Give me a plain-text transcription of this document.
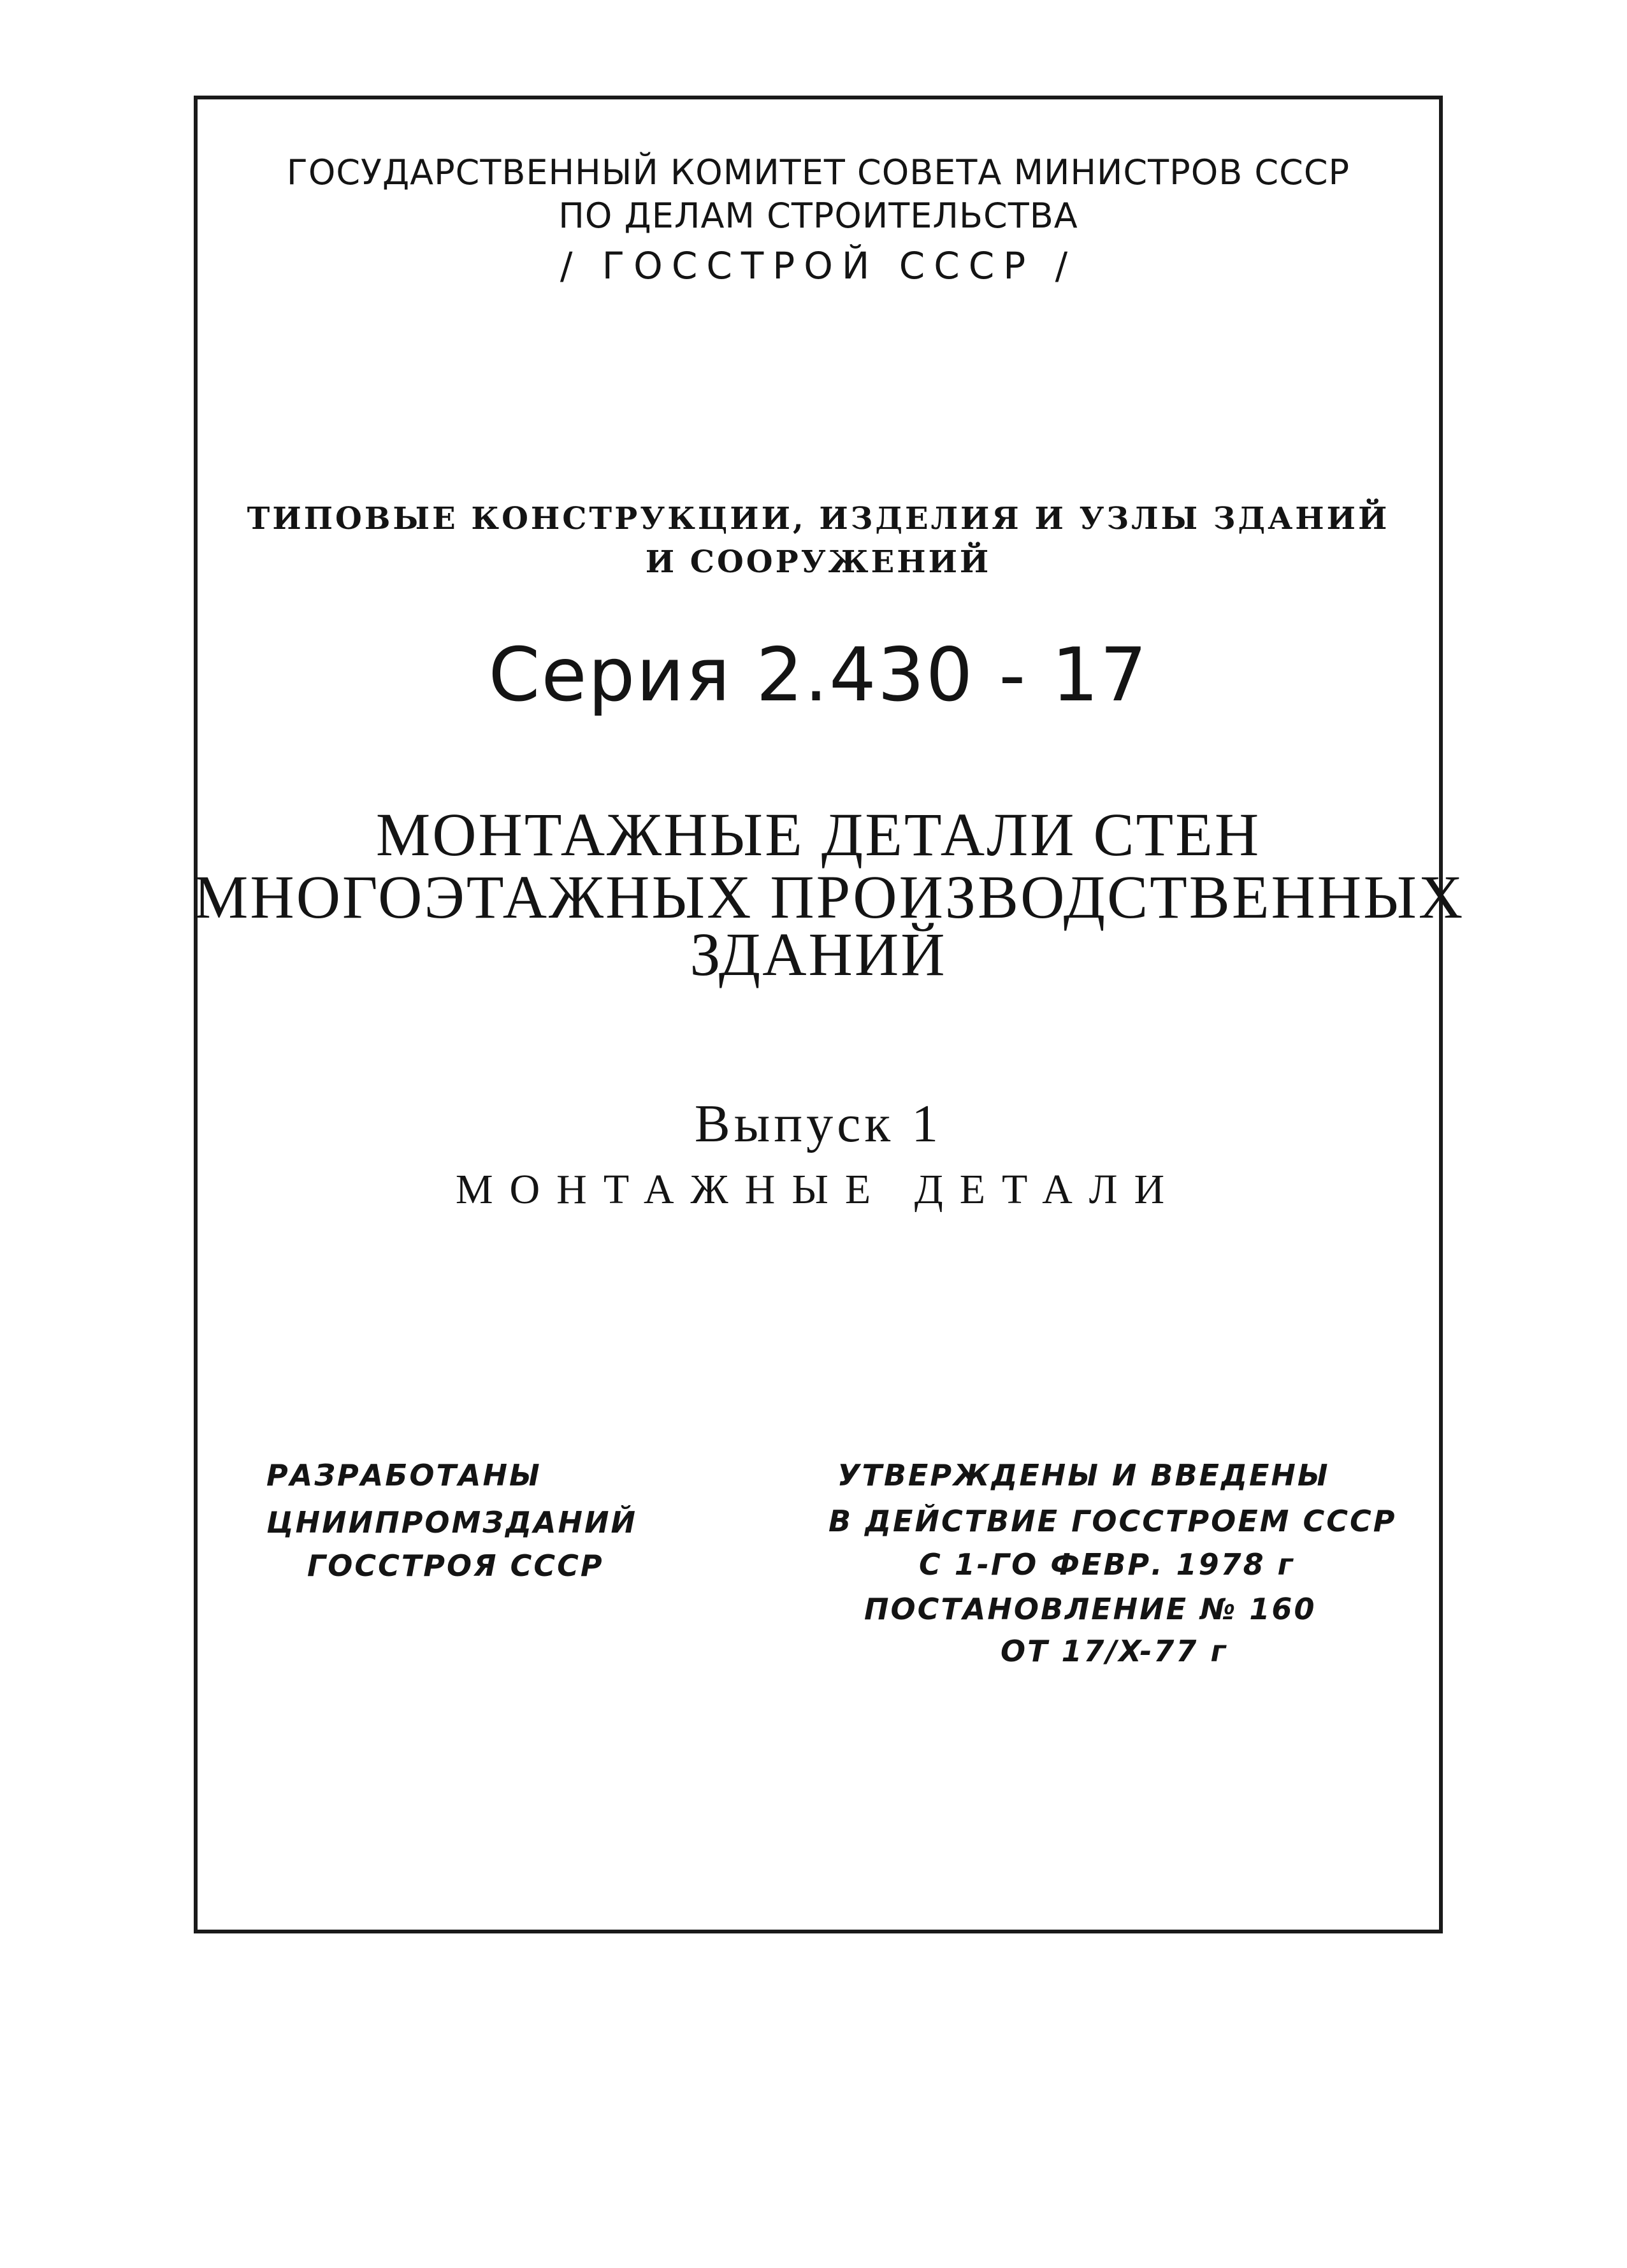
ГОСУДАРСТВЕННЫЙ КОМИТЕТ СОВЕТА МИНИСТРОВ СССР
ПО ДЕЛАМ СТРОИТЕЛЬСТВА
/ ГОССТРОЙ СССР /
ТИПОВЫЕ КОНСТРУКЦИИ, ИЗДЕЛИЯ И УЗЛЫ ЗДАНИЙ
И СООРУЖЕНИЙ
Серия 2.430 - 17
МОНТАЖНЫЕ ДЕТАЛИ СТЕН
МНОГОЭТАЖНЫХ ПРОИЗВОДСТВЕННЫХ
ЗДАНИЙ
Выпуск 1
МОНТАЖНЫЕ ДЕТАЛИ
РАЗРАБОТАНЫ
ЦНИИПРОМЗДАНИЙ
ГОССТРОЯ СССР
УТВЕРЖДЕНЫ И ВВЕДЕНЫ
В ДЕЙСТВИЕ ГОССТРОЕМ СССР
С 1-ГО ФЕВР. 1978 г
ПОСТАНОВЛЕНИЕ № 160
ОТ 17/X-77 г
